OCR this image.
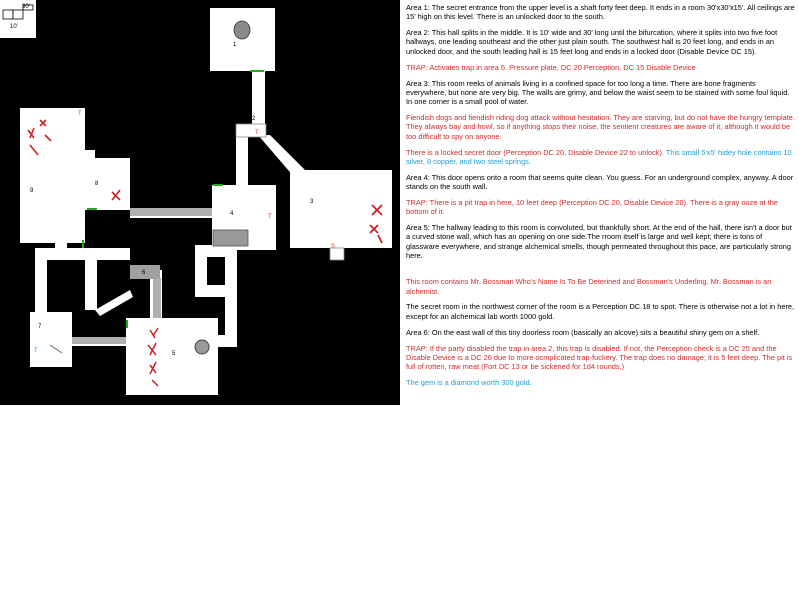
30'
10'
1
2
T
3
S
4	T
5
6
7
T
8
9
T

Area 1: The secret entrance from the upper level is a shaft forty feet deep. It ends in a room 30'x30'x15'. All ceilings are 15' high on this level. There is an unlocked door to the south.

Area 2: This hall splits in the middle. It is 10' wide and 30' long until the bifurcation, where it splits into two five foot hallways, one leading southeast and the other just plain south. The southwest hall is 20 feet long, and ends in an unlocked door, and the south leading hall is 15 feet long and ends in a locked door (Disable Device DC 15).

TRAP: Activates trap in area 6. Pressure plate, DC 20 Perception, DC 15 Disable Device

Area 3: This room reeks of animals living in a confined space for too long a time. There are bone fragments everywhere, but none are very big. The walls are grimy, and below the waist seem to be stained with some foul liquid. In one corner is a small pool of water.

Fiendish dogs and fiendish riding dog attack without hesitation. They are starving, but do not have the hungry template. They always bay and howl, so if anything stops their noise, the sentient creatures are aware of it, although it would be too difficult to spy on anyone.

There is a locked secret door (Perception DC 20, Disable Device 22 to unlock). This small 5'x5' hidey hole contains 10 silver, 8 copper, and two steel springs.

Area 4: This door opens onto a room that seems quite clean. You guess. For an underground complex, anyway. A door stands on the south wall.

TRAP: There is a pit trap in here, 10 feet deep (Perception DC 20, Disable Device 20). There is a gray ooze at the bottom of it.

Area 5: The hallway leading to this room is convoluted, but thankfully short. At the end of the hall, there isn't a door but a curved stone wall, which has an opening on one side.The rroom itself is large and well kept; there is tons of glassware everywhere, and strange alchemical smells, though permeated throughout this pace, are particularly strong here.

This room contains Mr. Bossman Who's Name Is To Be Deterined and Bossman's Underling. Mr. Bossman is an alchemist.

The secret room in the northwest corner of the room is a Perception DC 18 to spot. There is otherwise not a lot in here, except for an alchemical lab worth 1000 gold.

Area 6: On the east wall of this tiny doorless room (basically an alcove) sits a beautiful shiny gem on a shelf.

TRAP: If the party disabled the trap in area 2, this trap is disabled. If not, the Perception check is a DC 25 and the Disable Device is a DC 26 due to more ocmplicated trap-fuckery. The trap does no damage; it is 5 feet deep. The pit is full of rotten, raw meat (Fort DC 13 or be sickened for 1d4 rounds.)

The gem is a diamond worth 300 gold.
